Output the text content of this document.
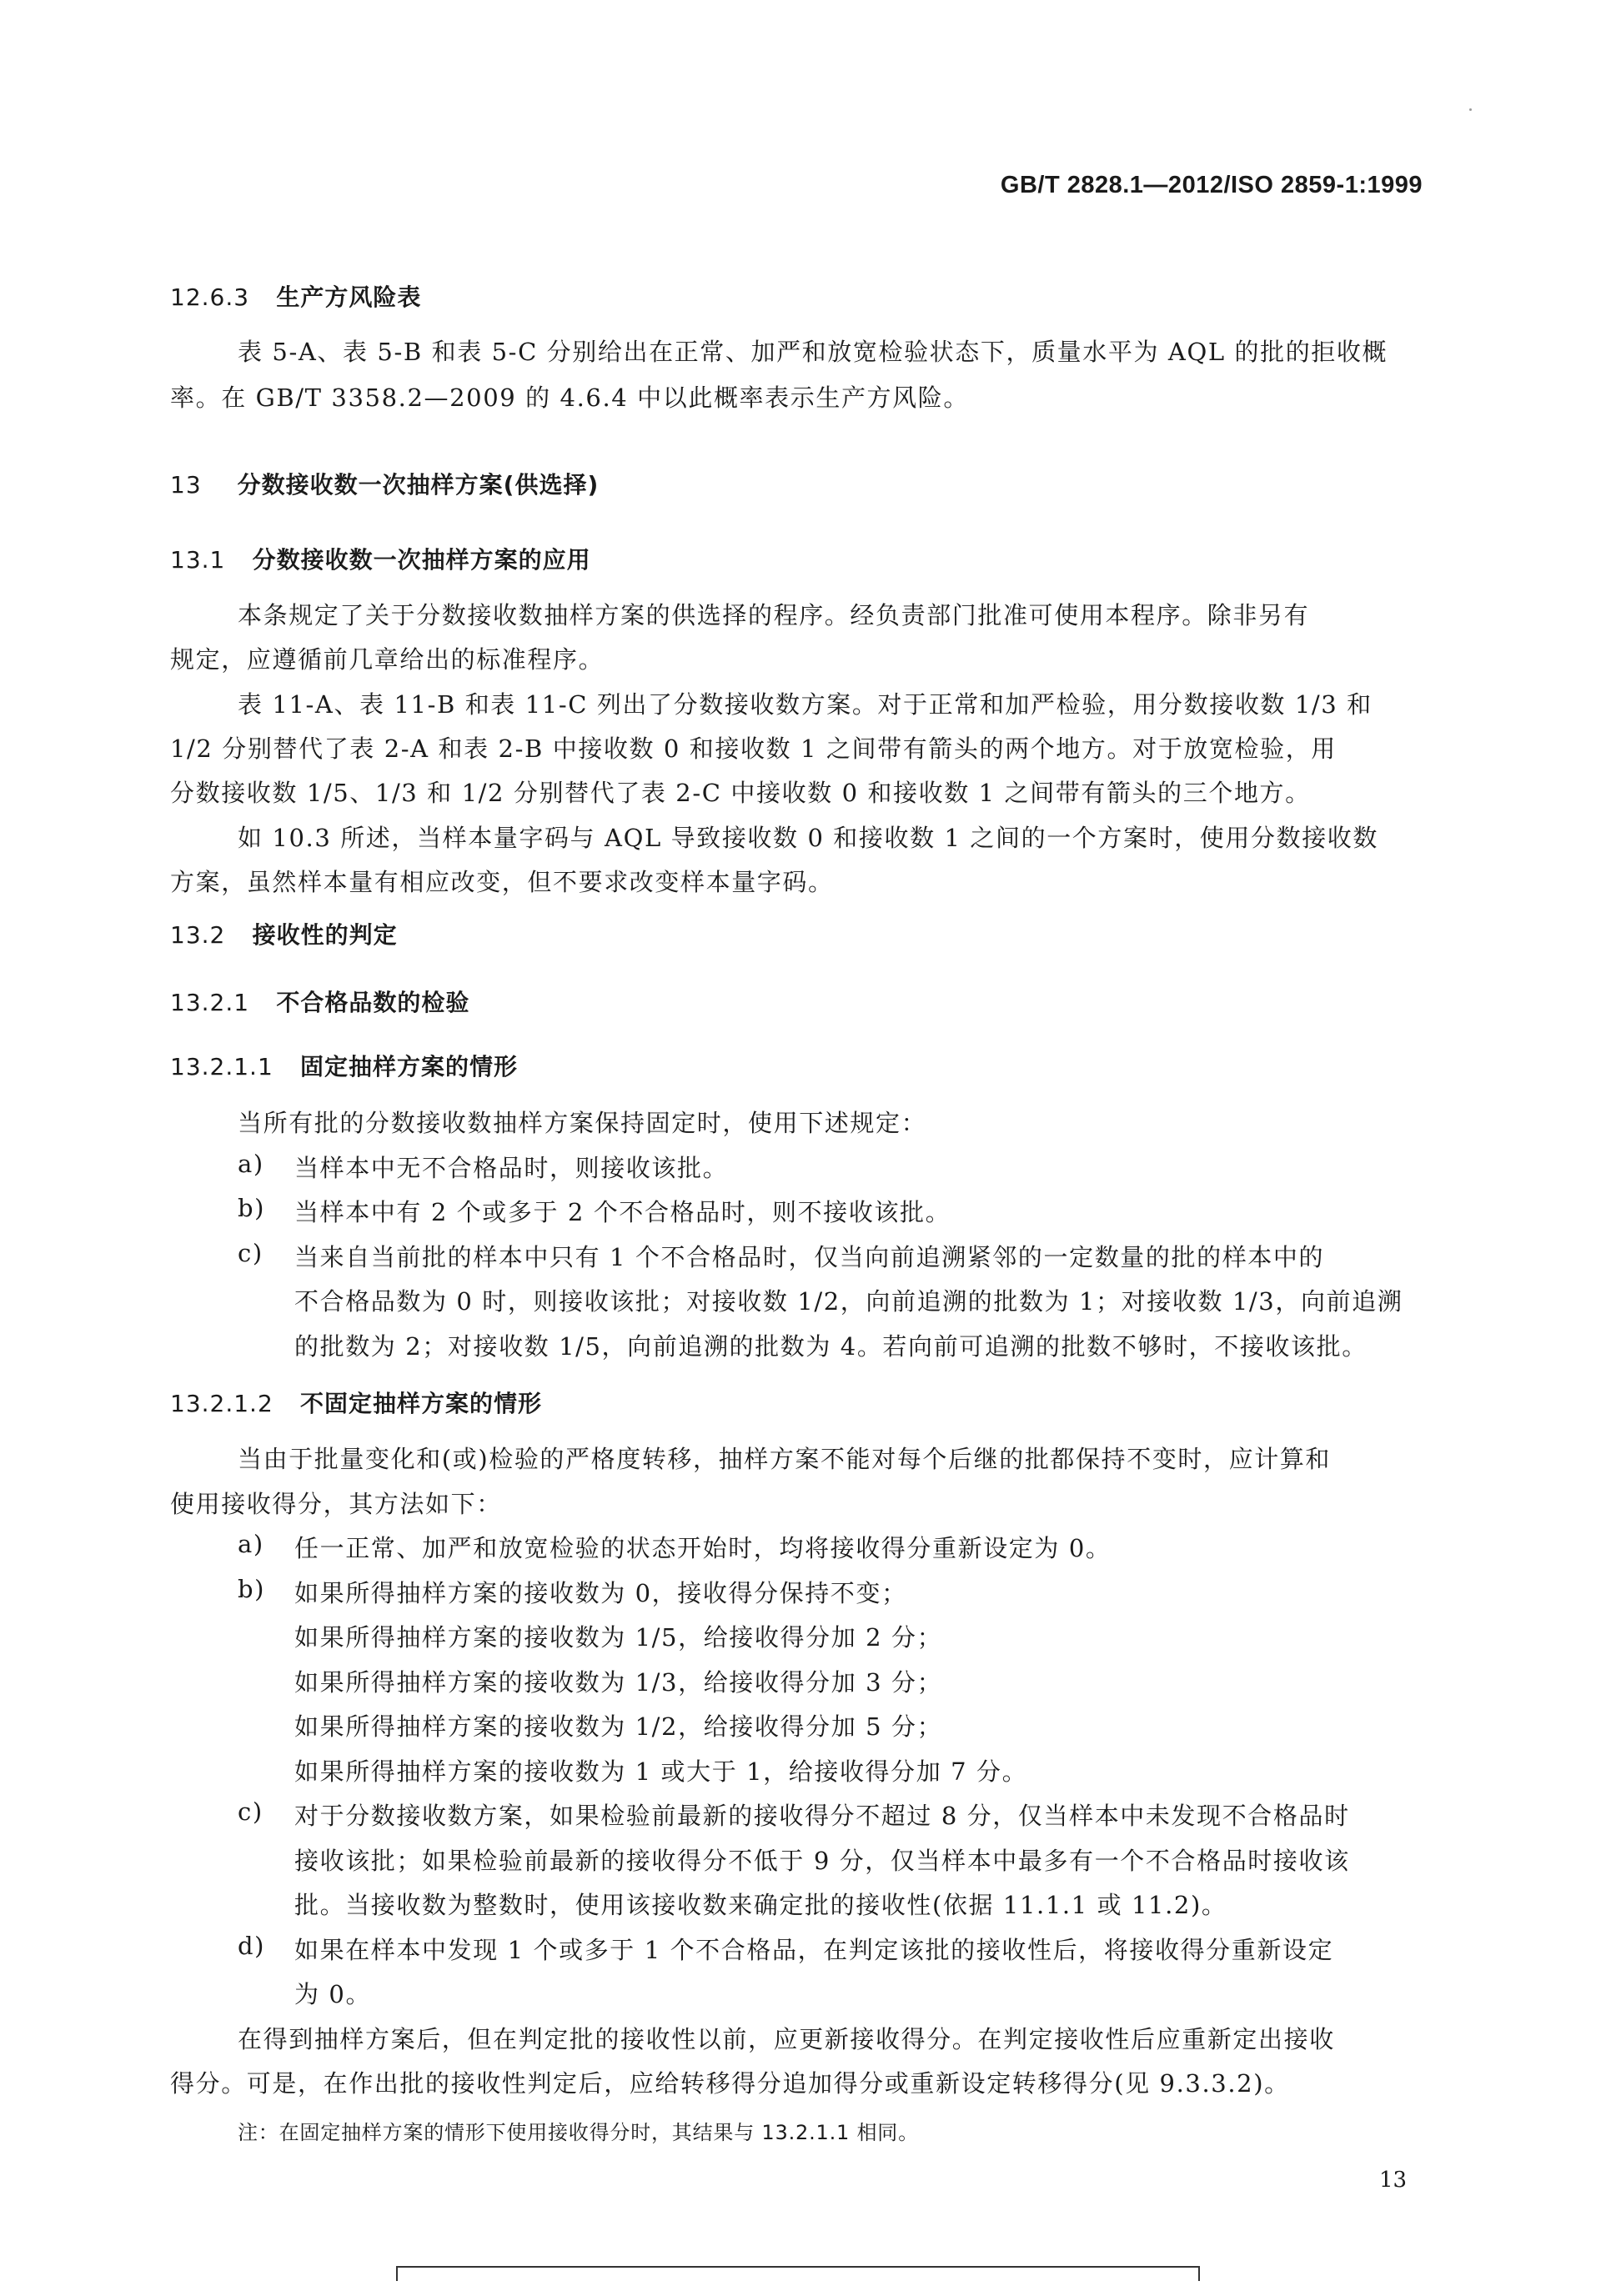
GB/T 2828.1—2012/ISO 2859-1:1999
12.6.3 生产方风险表
表 5-A、表 5-B 和表 5-C 分别给出在正常、加严和放宽检验状态下，质量水平为 AQL 的批的拒收概
率。在 GB/T 3358.2—2009 的 4.6.4 中以此概率表示生产方风险。
13 分数接收数一次抽样方案(供选择)
13.1 分数接收数一次抽样方案的应用
本条规定了关于分数接收数抽样方案的供选择的程序。经负责部门批准可使用本程序。除非另有
规定，应遵循前几章给出的标准程序。
表 11-A、表 11-B 和表 11-C 列出了分数接收数方案。对于正常和加严检验，用分数接收数 1/3 和
1/2 分别替代了表 2-A 和表 2-B 中接收数 0 和接收数 1 之间带有箭头的两个地方。对于放宽检验，用
分数接收数 1/5、1/3 和 1/2 分别替代了表 2-C 中接收数 0 和接收数 1 之间带有箭头的三个地方。
如 10.3 所述，当样本量字码与 AQL 导致接收数 0 和接收数 1 之间的一个方案时，使用分数接收数
方案，虽然样本量有相应改变，但不要求改变样本量字码。
13.2 接收性的判定
13.2.1 不合格品数的检验
13.2.1.1 固定抽样方案的情形
当所有批的分数接收数抽样方案保持固定时，使用下述规定：
a) 当样本中无不合格品时，则接收该批。
b) 当样本中有 2 个或多于 2 个不合格品时，则不接收该批。
c) 当来自当前批的样本中只有 1 个不合格品时，仅当向前追溯紧邻的一定数量的批的样本中的
不合格品数为 0 时，则接收该批；对接收数 1/2，向前追溯的批数为 1；对接收数 1/3，向前追溯
的批数为 2；对接收数 1/5，向前追溯的批数为 4。若向前可追溯的批数不够时，不接收该批。
13.2.1.2 不固定抽样方案的情形
当由于批量变化和(或)检验的严格度转移，抽样方案不能对每个后继的批都保持不变时，应计算和
使用接收得分，其方法如下：
a) 任一正常、加严和放宽检验的状态开始时，均将接收得分重新设定为 0。
b) 如果所得抽样方案的接收数为 0，接收得分保持不变；
如果所得抽样方案的接收数为 1/5，给接收得分加 2 分；
如果所得抽样方案的接收数为 1/3，给接收得分加 3 分；
如果所得抽样方案的接收数为 1/2，给接收得分加 5 分；
如果所得抽样方案的接收数为 1 或大于 1，给接收得分加 7 分。
c) 对于分数接收数方案，如果检验前最新的接收得分不超过 8 分，仅当样本中未发现不合格品时
接收该批；如果检验前最新的接收得分不低于 9 分，仅当样本中最多有一个不合格品时接收该
批。当接收数为整数时，使用该接收数来确定批的接收性(依据 11.1.1 或 11.2)。
d) 如果在样本中发现 1 个或多于 1 个不合格品，在判定该批的接收性后，将接收得分重新设定
为 0。
在得到抽样方案后，但在判定批的接收性以前，应更新接收得分。在判定接收性后应重新定出接收
得分。可是，在作出批的接收性判定后，应给转移得分追加得分或重新设定转移得分(见 9.3.3.2)。
注：在固定抽样方案的情形下使用接收得分时，其结果与 13.2.1.1 相同。
13
